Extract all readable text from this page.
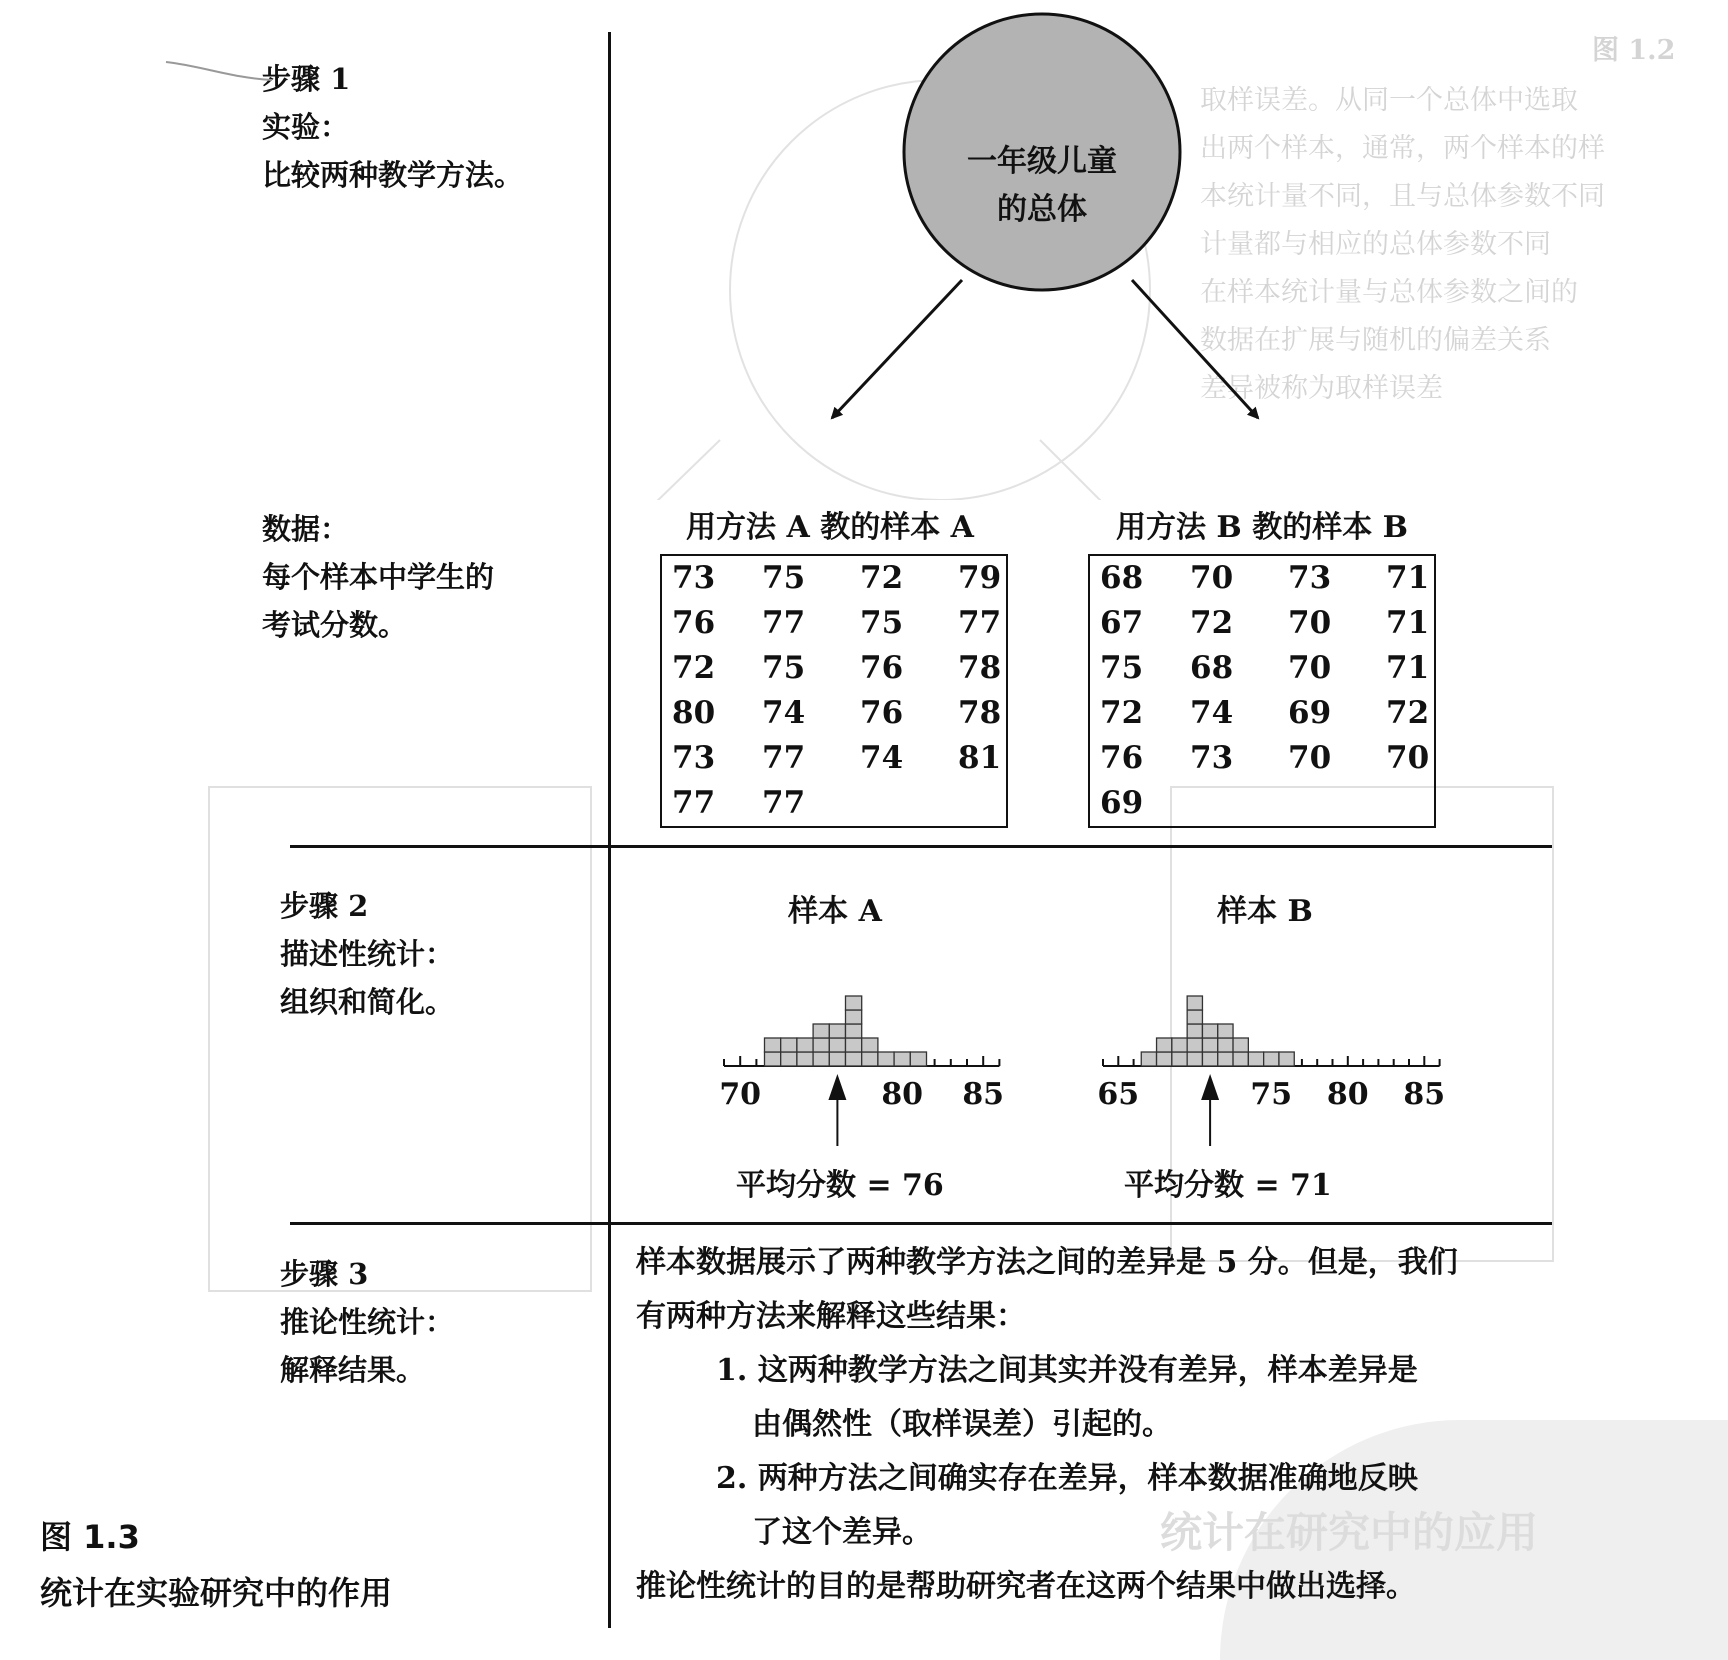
图 1.2
取样误差。从同一个总体中选取
出两个样本，通常，两个样本的样
本统计量不同，且与总体参数不同
计量都与相应的总体参数不同
在样本统计量与总体参数之间的
数据在扩展与随机的偏差关系
差异被称为取样误差
统计在研究中的应用
步骤 1
实验：
比较两种教学方法。
数据：
每个样本中学生的
考试分数。
步骤 2
描述性统计：
组织和简化。
步骤 3
推论性统计：
解释结果。
图 1.3
统计在实验研究中的作用
一年级儿童
的总体
用方法 A 教的样本 A
73 75 72 79
76 77 75 77
72 75 76 78
80 74 76 78
73 77 74 81
77 77
用方法 B 教的样本 B
68 70 73 71
67 72 70 71
75 68 70 71
72 74 69 72
76 73 70 70
69
样本 A	样本 B
70	80 85	65	75 80 85
平均分数 = 76	平均分数 = 71
样本数据展示了两种教学方法之间的差异是 5 分。但是，我们
有两种方法来解释这些结果：
1. 这两种教学方法之间其实并没有差异，样本差异是
由偶然性（取样误差）引起的。
2. 两种方法之间确实存在差异，样本数据准确地反映
了这个差异。
推论性统计的目的是帮助研究者在这两个结果中做出选择。
